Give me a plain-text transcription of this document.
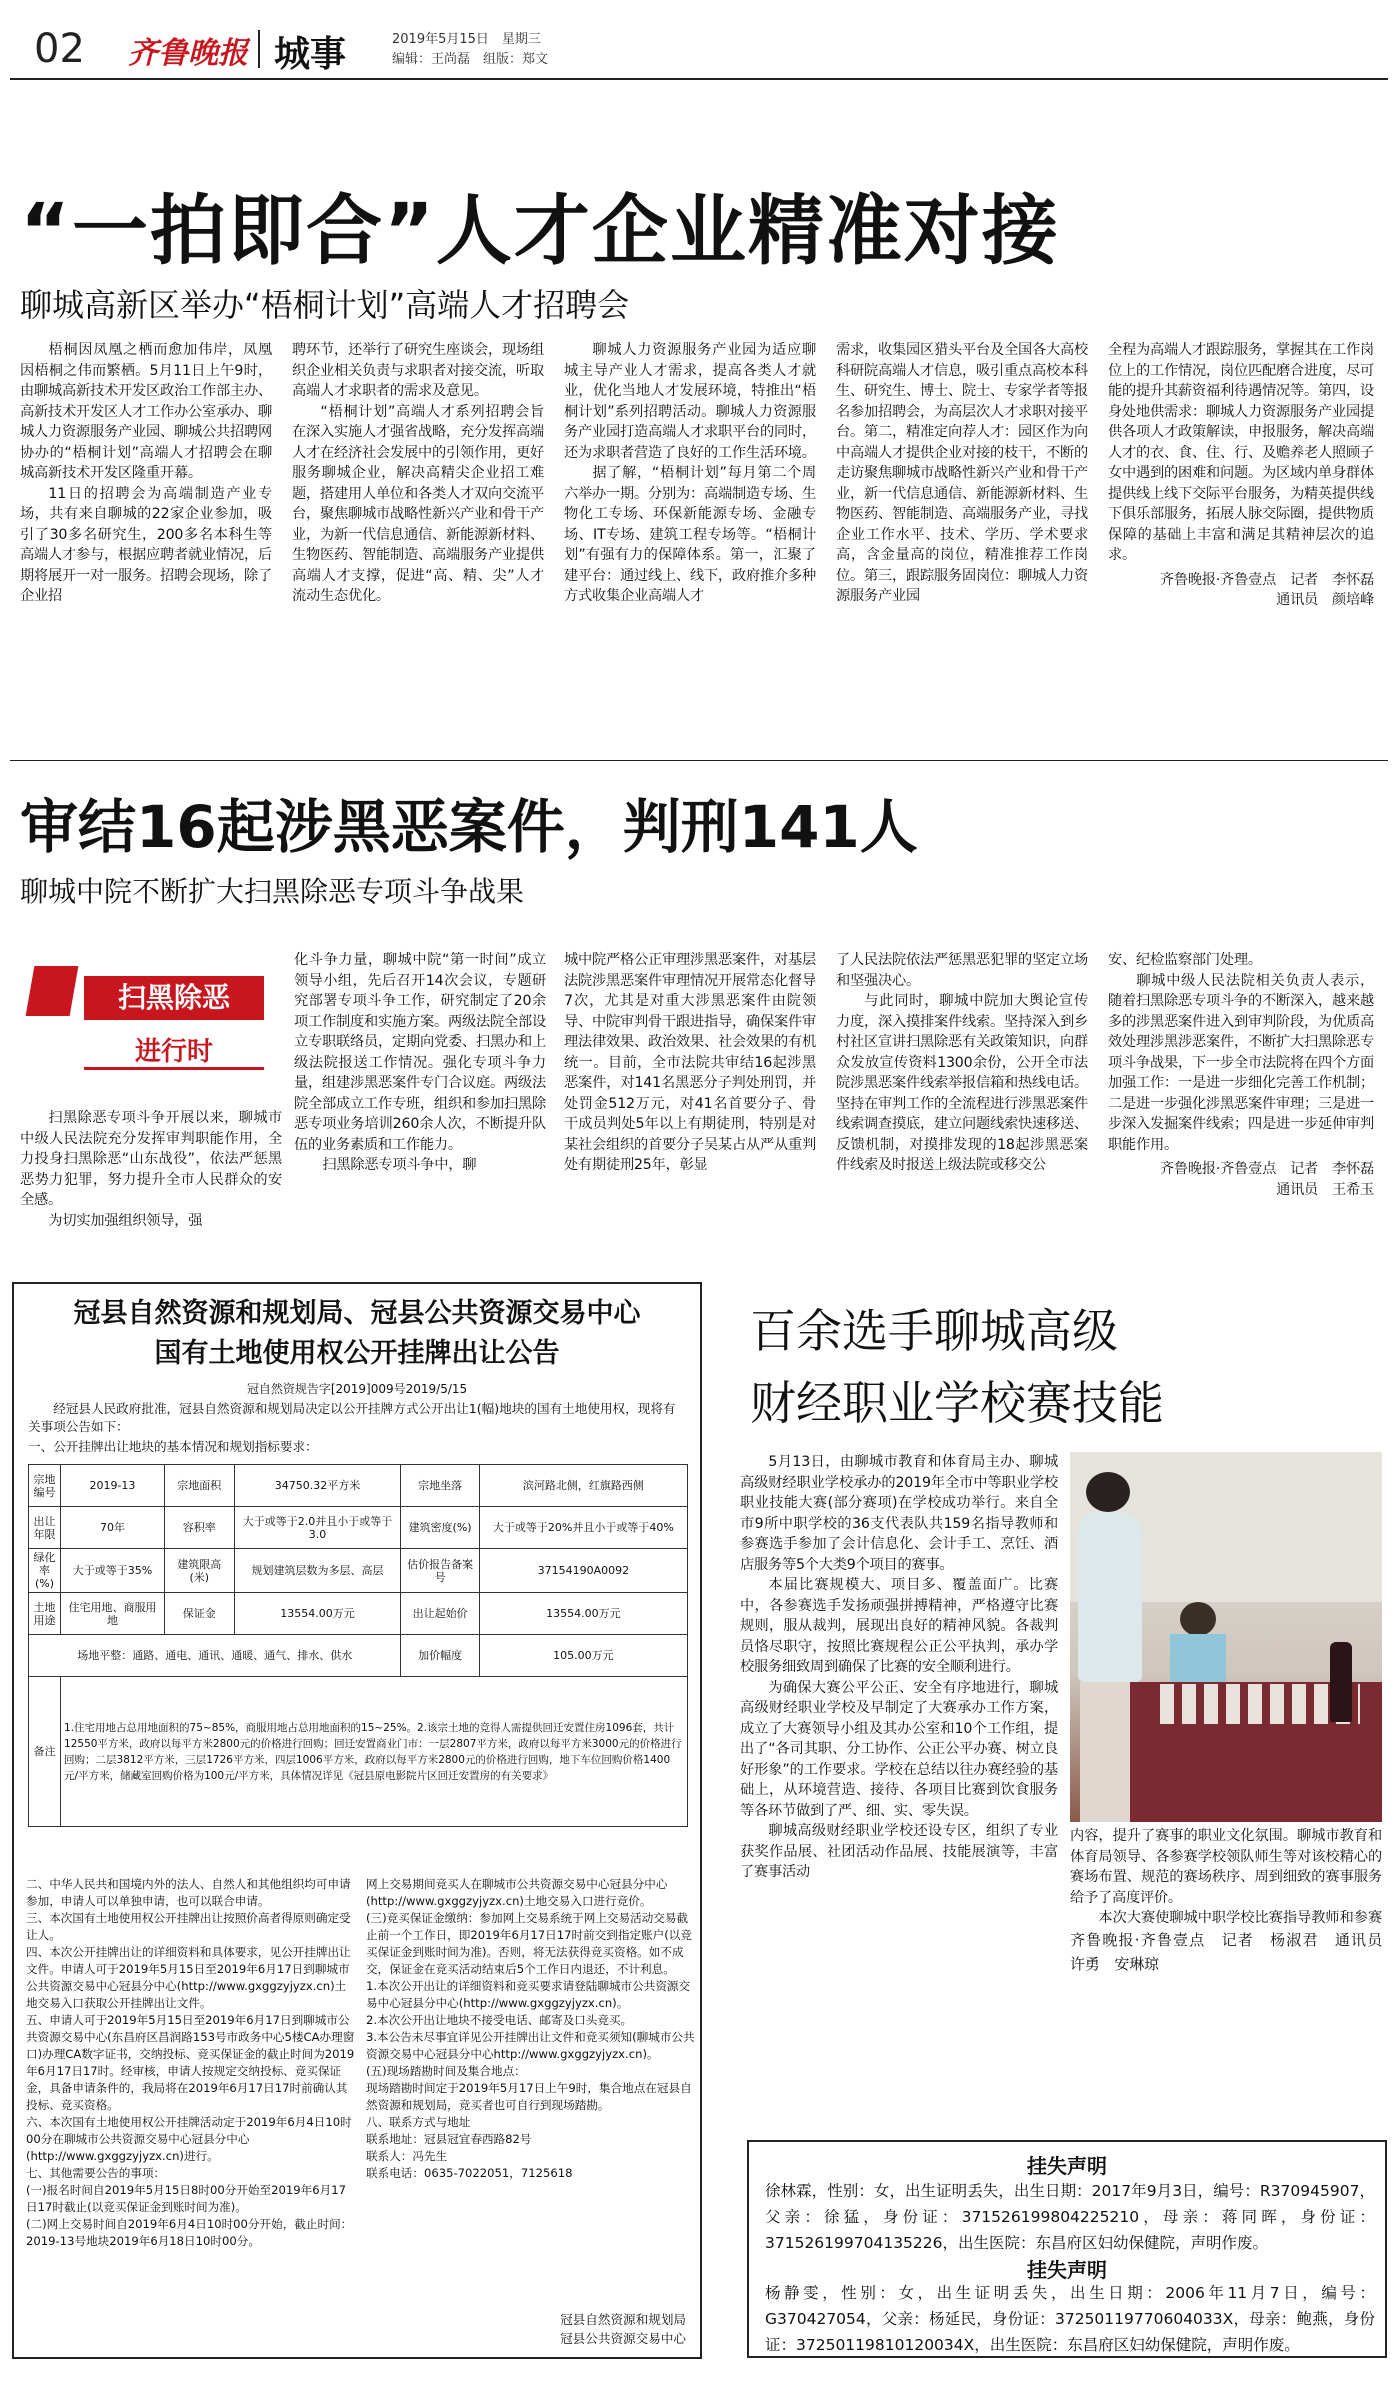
02 齐鲁晚报 城事	2019年5月15日　星期三
编辑：王尚磊　组版：郑文
“一拍即合”人才企业精准对接
聊城高新区举办“梧桐计划”高端人才招聘会

梧桐因凤凰之栖而愈加伟岸，凤凰因梧桐之伟而繁栖。5月11日上午9时，由聊城高新技术开发区政治工作部主办、高新技术开发区人才工作办公室承办、聊城人力资源服务产业园、聊城公共招聘网协办的“梧桐计划”高端人才招聘会在聊城高新技术开发区隆重开幕。

11日的招聘会为高端制造产业专场，共有来自聊城的22家企业参加，吸引了30多名研究生，200多名本科生等高端人才参与，根据应聘者就业情况，后期将展开一对一服务。招聘会现场，除了企业招

聘环节，还举行了研究生座谈会，现场组织企业相关负责与求职者对接交流，听取高端人才求职者的需求及意见。

“梧桐计划”高端人才系列招聘会旨在深入实施人才强省战略，充分发挥高端人才在经济社会发展中的引领作用，更好服务聊城企业，解决高精尖企业招工难题，搭建用人单位和各类人才双向交流平台，聚焦聊城市战略性新兴产业和骨干产业，为新一代信息通信、新能源新材料、生物医药、智能制造、高端服务产业提供高端人才支撑，促进“高、精、尖”人才流动生态优化。

聊城人力资源服务产业园为适应聊城主导产业人才需求，提高各类人才就业，优化当地人才发展环境，特推出“梧桐计划”系列招聘活动。聊城人力资源服务产业园打造高端人才求职平台的同时，还为求职者营造了良好的工作生活环境。

据了解，“梧桐计划”每月第二个周六举办一期。分别为：高端制造专场、生物化工专场、环保新能源专场、金融专场、IT专场、建筑工程专场等。“梧桐计划”有强有力的保障体系。第一，汇聚了建平台：通过线上、线下，政府推介多种方式收集企业高端人才

需求，收集园区猎头平台及全国各大高校科研院高端人才信息，吸引重点高校本科生、研究生、博士、院士、专家学者等报名参加招聘会，为高层次人才求职对接平台。第二，精准定向荐人才：园区作为向中高端人才提供企业对接的枝干，不断的走访聚焦聊城市战略性新兴产业和骨干产业，新一代信息通信、新能源新材料、生物医药、智能制造、高端服务产业，寻找企业工作水平、技术、学历、学术要求高，含金量高的岗位，精准推荐工作岗位。第三，跟踪服务固岗位：聊城人力资源服务产业园

全程为高端人才跟踪服务，掌握其在工作岗位上的工作情况，岗位匹配磨合进度，尽可能的提升其薪资福利待遇情况等。第四，设身处地供需求：聊城人力资源服务产业园提供各项人才政策解读，申报服务，解决高端人才的衣、食、住、行、及赡养老人照顾子女中遇到的困难和问题。为区域内单身群体提供线上线下交际平台服务，为精英提供线下俱乐部服务，拓展人脉交际圈，提供物质保障的基础上丰富和满足其精神层次的追求。

齐鲁晚报·齐鲁壹点　记者　李怀磊　通讯员　颜培峰

审结16起涉黑恶案件，判刑141人
聊城中院不断扩大扫黑除恶专项斗争战果
扫黑除恶
进行时

扫黑除恶专项斗争开展以来，聊城市中级人民法院充分发挥审判职能作用，全力投身扫黑除恶“山东战役”，依法严惩黑恶势力犯罪，努力提升全市人民群众的安全感。

为切实加强组织领导，强

化斗争力量，聊城中院“第一时间”成立领导小组，先后召开14次会议，专题研究部署专项斗争工作，研究制定了20余项工作制度和实施方案。两级法院全部设立专职联络员，定期向党委、扫黑办和上级法院报送工作情况。强化专项斗争力量，组建涉黑恶案件专门合议庭。两级法院全部成立工作专班，组织和参加扫黑除恶专项业务培训260余人次，不断提升队伍的业务素质和工作能力。

扫黑除恶专项斗争中，聊

城中院严格公正审理涉黑恶案件，对基层法院涉黑恶案件审理情况开展常态化督导7次，尤其是对重大涉黑恶案件由院领导、中院审判骨干跟进指导，确保案件审理法律效果、政治效果、社会效果的有机统一。目前，全市法院共审结16起涉黑恶案件，对141名黑恶分子判处刑罚，并处罚金512万元，对41名首要分子、骨干成员判处5年以上有期徒刑，特别是对某社会组织的首要分子吴某占从严从重判处有期徒刑25年，彰显

了人民法院依法严惩黑恶犯罪的坚定立场和坚强决心。

与此同时，聊城中院加大舆论宣传力度，深入摸排案件线索。坚持深入到乡村社区宣讲扫黑除恶有关政策知识，向群众发放宣传资料1300余份，公开全市法院涉黑恶案件线索举报信箱和热线电话。坚持在审判工作的全流程进行涉黑恶案件线索调查摸底，建立问题线索快速移送、反馈机制，对摸排发现的18起涉黑恶案件线索及时报送上级法院或移交公

安、纪检监察部门处理。

聊城中级人民法院相关负责人表示，随着扫黑除恶专项斗争的不断深入，越来越多的涉黑恶案件进入到审判阶段，为优质高效处理涉黑涉恶案件，不断扩大扫黑除恶专项斗争战果，下一步全市法院将在四个方面加强工作：一是进一步细化完善工作机制；二是进一步强化涉黑恶案件审理；三是进一步深入发掘案件线索；四是进一步延伸审判职能作用。

齐鲁晚报·齐鲁壹点　记者　李怀磊　通讯员　王希玉

冠县自然资源和规划局、冠县公共资源交易中心
国有土地使用权公开挂牌出让公告
冠自然资规告字[2019]009号2019/5/15
经冠县人民政府批准，冠县自然资源和规划局决定以公开挂牌方式公开出让1(幅)地块的国有土地使用权，现将有关事项公告如下：
一、公开挂牌出让地块的基本情况和规划指标要求：
宗地编号	2019-13	宗地面积	34750.32平方米	宗地坐落	滨河路北侧，红旗路西侧
出让年限	70年	容积率	大于或等于2.0并且小于或等于3.0	建筑密度(%)	大于或等于20%并且小于或等于40%
绿化率(%)	大于或等于35%	建筑限高(米)	规划建筑层数为多层、高层	估价报告备案号	37154190A0092
土地用途	住宅用地、商服用地	保证金	13554.00万元	出让起始价	13554.00万元
场地平整：通路、通电、通讯、通暖、通气、排水、供水				加价幅度	105.00万元
备注	1.住宅用地占总用地面积的75~85%，商服用地占总用地面积的15~25%。2.该宗土地的竞得人需提供回迁安置住房1096套，共计12550平方米，政府以每平方米2800元的价格进行回购；回迁安置商业门市：一层2807平方米，政府以每平方米3000元的价格进行回购；二层3812平方米，三层1726平方米，四层1006平方米，政府以每平方米2800元的价格进行回购，地下车位回购价格1400元/平方米，储藏室回购价格为100元/平方米，具体情况详见《冠县原电影院片区回迁安置房的有关要求》				
二、中华人民共和国境内外的法人、自然人和其他组织均可申请参加，申请人可以单独申请，也可以联合申请。
三、本次国有土地使用权公开挂牌出让按照价高者得原则确定受让人。
四、本次公开挂牌出让的详细资料和具体要求，见公开挂牌出让文件。申请人可于2019年5月15日至2019年6月17日到聊城市公共资源交易中心冠县分中心(http://www.gxggzyjyzx.cn)土地交易入口获取公开挂牌出让文件。
五、申请人可于2019年5月15日至2019年6月17日到聊城市公共资源交易中心(东昌府区昌润路153号市政务中心5楼CA办理窗口)办理CA数字证书，交纳投标、竞买保证金的截止时间为2019年6月17日17时。经审核，申请人按规定交纳投标、竞买保证金，具备申请条件的，我局将在2019年6月17日17时前确认其投标、竞买资格。
六、本次国有土地使用权公开挂牌活动定于2019年6月4日10时00分在聊城市公共资源交易中心冠县分中心(http://www.gxggzyjyzx.cn)进行。
七、其他需要公告的事项：
(一)报名时间自2019年5月15日8时00分开始至2019年6月17日17时截止(以竞买保证金到账时间为准)。
(二)网上交易时间自2019年6月4日10时00分开始，截止时间：2019-13号地块2019年6月18日10时00分。
网上交易期间竞买人在聊城市公共资源交易中心冠县分中心(http://www.gxggzyjyzx.cn)土地交易入口进行竞价。
(三)竞买保证金缴纳：参加网上交易系统于网上交易活动交易截止前一个工作日，即2019年6月17日17时前交到指定账户(以竞买保证金到账时间为准)。否则，将无法获得竞买资格。如不成交，保证金在竞买活动结束后5个工作日内退还，不计利息。
1.本次公开出让的详细资料和竞买要求请登陆聊城市公共资源交易中心冠县分中心(http://www.gxggzyjyzx.cn)。
2.本次公开出让地块不接受电话、邮寄及口头竞买。
3.本公告未尽事宜详见公开挂牌出让文件和竞买须知(聊城市公共资源交易中心冠县分中心http://www.gxggzyjyzx.cn)。
(五)现场踏勘时间及集合地点：
现场踏勘时间定于2019年5月17日上午9时，集合地点在冠县自然资源和规划局，竞买者也可自行到现场踏勘。
八、联系方式与地址
联系地址：冠县冠宜春西路82号
联系人：冯先生
联系电话：0635-7022051，7125618
冠县自然资源和规划局
冠县公共资源交易中心
百余选手聊城高级
财经职业学校赛技能

5月13日，由聊城市教育和体育局主办、聊城高级财经职业学校承办的2019年全市中等职业学校职业技能大赛(部分赛项)在学校成功举行。来自全市9所中职学校的36支代表队共159名指导教师和参赛选手参加了会计信息化、会计手工、烹饪、酒店服务等5个大类9个项目的赛事。

本届比赛规模大、项目多、覆盖面广。比赛中，各参赛选手发扬顽强拼搏精神，严格遵守比赛规则，服从裁判，展现出良好的精神风貌。各裁判员恪尽职守，按照比赛规程公正公平执判，承办学校服务细致周到确保了比赛的安全顺利进行。

为确保大赛公平公正、安全有序地进行，聊城高级财经职业学校及早制定了大赛承办工作方案，成立了大赛领导小组及其办公室和10个工作组，提出了“各司其职、分工协作、公正公平办赛、树立良好形象”的工作要求。学校在总结以往办赛经验的基础上，从环境营造、接待、各项目比赛到饮食服务等各环节做到了严、细、实、零失误。

聊城高级财经职业学校还设专区，组织了专业获奖作品展、社团活动作品展、技能展演等，丰富了赛事活动

内容，提升了赛事的职业文化氛围。聊城市教育和体育局领导、各参赛学校领队师生等对该校精心的赛场布置、规范的赛场秩序、周到细致的赛事服务给予了高度评价。

本次大赛使聊城中职学校比赛指导教师和参赛

齐鲁晚报·齐鲁壹点　记者　杨淑君　通讯员　许勇　安琳琼

挂失声明
徐林霖，性别：女，出生证明丢失，出生日期：2017年9月3日，编号：R370945907，父亲：徐猛，身份证：371526199804225210，母亲：蒋同晖，身份证：371526199704135226，出生医院：东昌府区妇幼保健院，声明作废。
挂失声明
杨静雯，性别：女，出生证明丢失，出生日期：2006年11月7日，编号：G370427054，父亲：杨延民，身份证：37250119770604033X，母亲：鲍燕，身份证：37250119810120034X，出生医院：东昌府区妇幼保健院，声明作废。
